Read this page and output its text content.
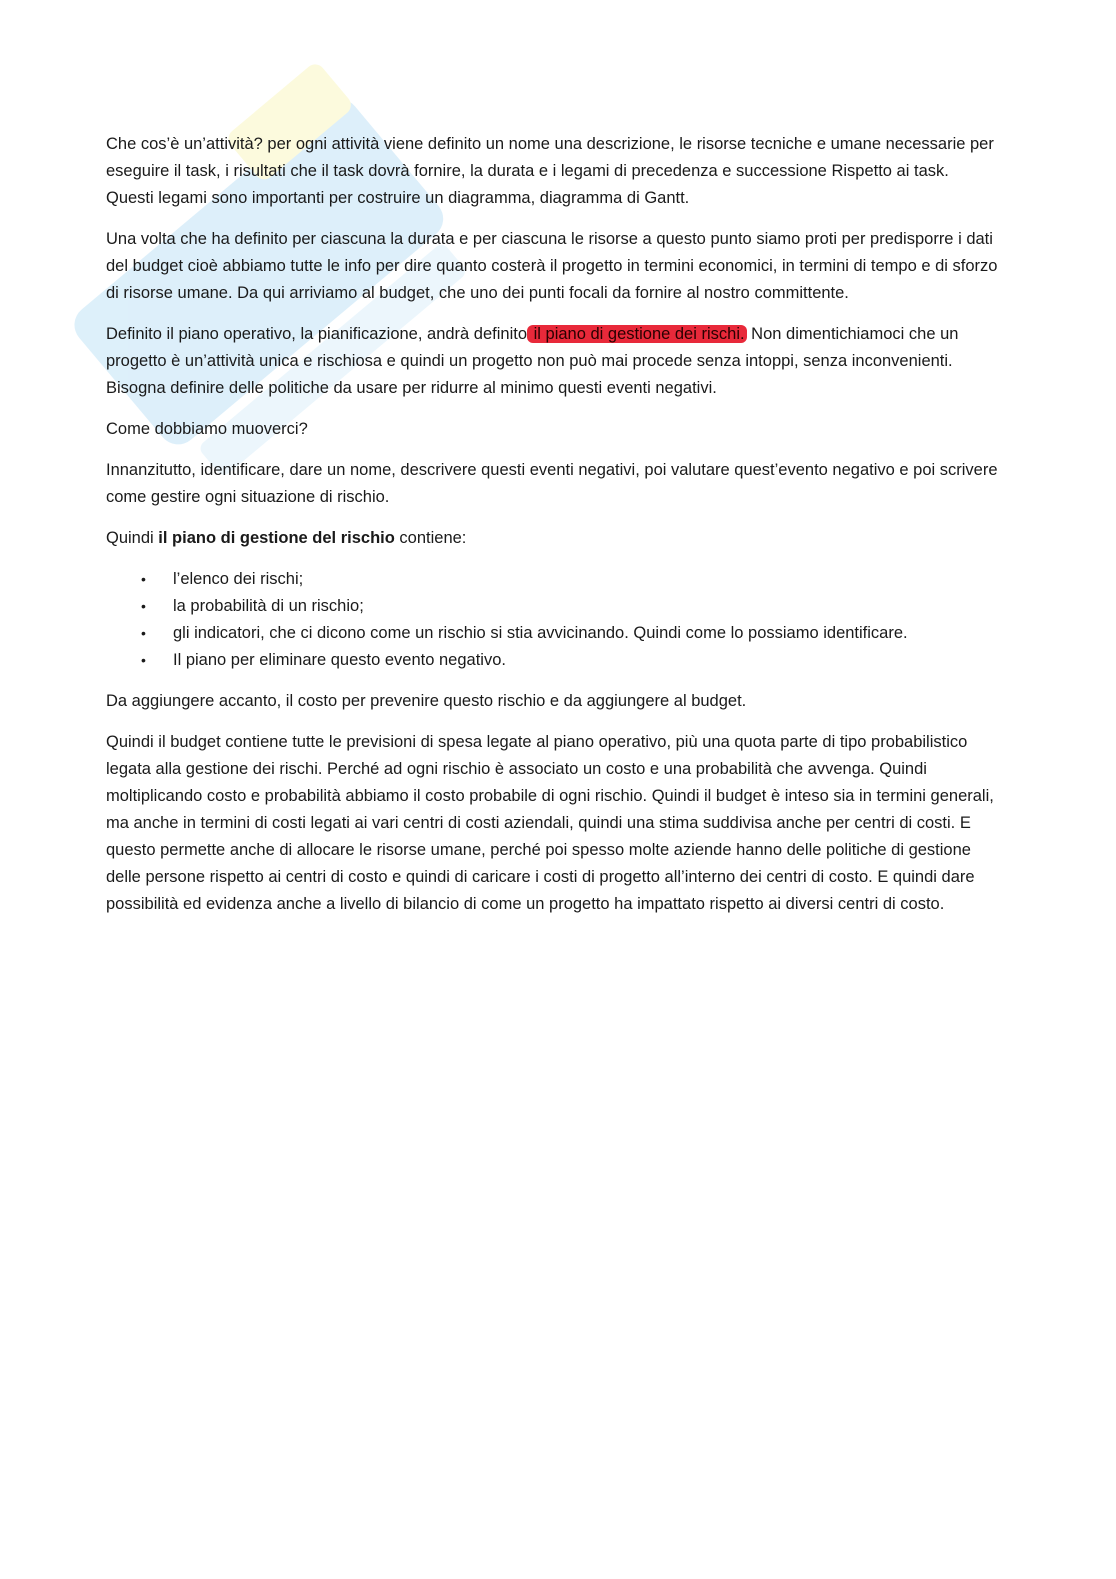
Che cos’è un’attività? per ogni attività viene definito un nome una descrizione, le risorse tecniche e umane necessarie per eseguire il task, i risultati che il task dovrà fornire, la durata e i legami di precedenza e successione Rispetto ai task. Questi legami sono importanti per costruire un diagramma, diagramma di Gantt.

Una volta che ha definito per ciascuna la durata e per ciascuna le risorse a questo punto siamo proti per predisporre i dati del budget cioè abbiamo tutte le info per dire quanto costerà il progetto in termini economici, in termini di tempo e di sforzo di risorse umane. Da qui arriviamo al budget, che uno dei punti focali da fornire al nostro committente.

Definito il piano operativo, la pianificazione, andrà definito il piano di gestione dei rischi. Non dimentichiamoci che un progetto è un’attività unica e rischiosa e quindi un progetto non può mai procede senza intoppi, senza inconvenienti. Bisogna definire delle politiche da usare per ridurre al minimo questi eventi negativi.

Come dobbiamo muoverci?

Innanzitutto, identificare, dare un nome, descrivere questi eventi negativi, poi valutare quest’evento negativo e poi scrivere come gestire ogni situazione di rischio.

Quindi il piano di gestione del rischio contiene:

• l’elenco dei rischi;
• la probabilità di un rischio;
• gli indicatori, che ci dicono come un rischio si stia avvicinando. Quindi come lo possiamo identificare.
• Il piano per eliminare questo evento negativo.

Da aggiungere accanto, il costo per prevenire questo rischio e da aggiungere al budget.

Quindi il budget contiene tutte le previsioni di spesa legate al piano operativo, più una quota parte di tipo probabilistico legata alla gestione dei rischi. Perché ad ogni rischio è associato un costo e una probabilità che avvenga. Quindi moltiplicando costo e probabilità abbiamo il costo probabile di ogni rischio. Quindi il budget è inteso sia in termini generali, ma anche in termini di costi legati ai vari centri di costi aziendali, quindi una stima suddivisa anche per centri di costi. E questo permette anche di allocare le risorse umane, perché poi spesso molte aziende hanno delle politiche di gestione delle persone rispetto ai centri di costo e quindi di caricare i costi di progetto all’interno dei centri di costo. E quindi dare possibilità ed evidenza anche a livello di bilancio di come un progetto ha impattato rispetto ai diversi centri di costo.
